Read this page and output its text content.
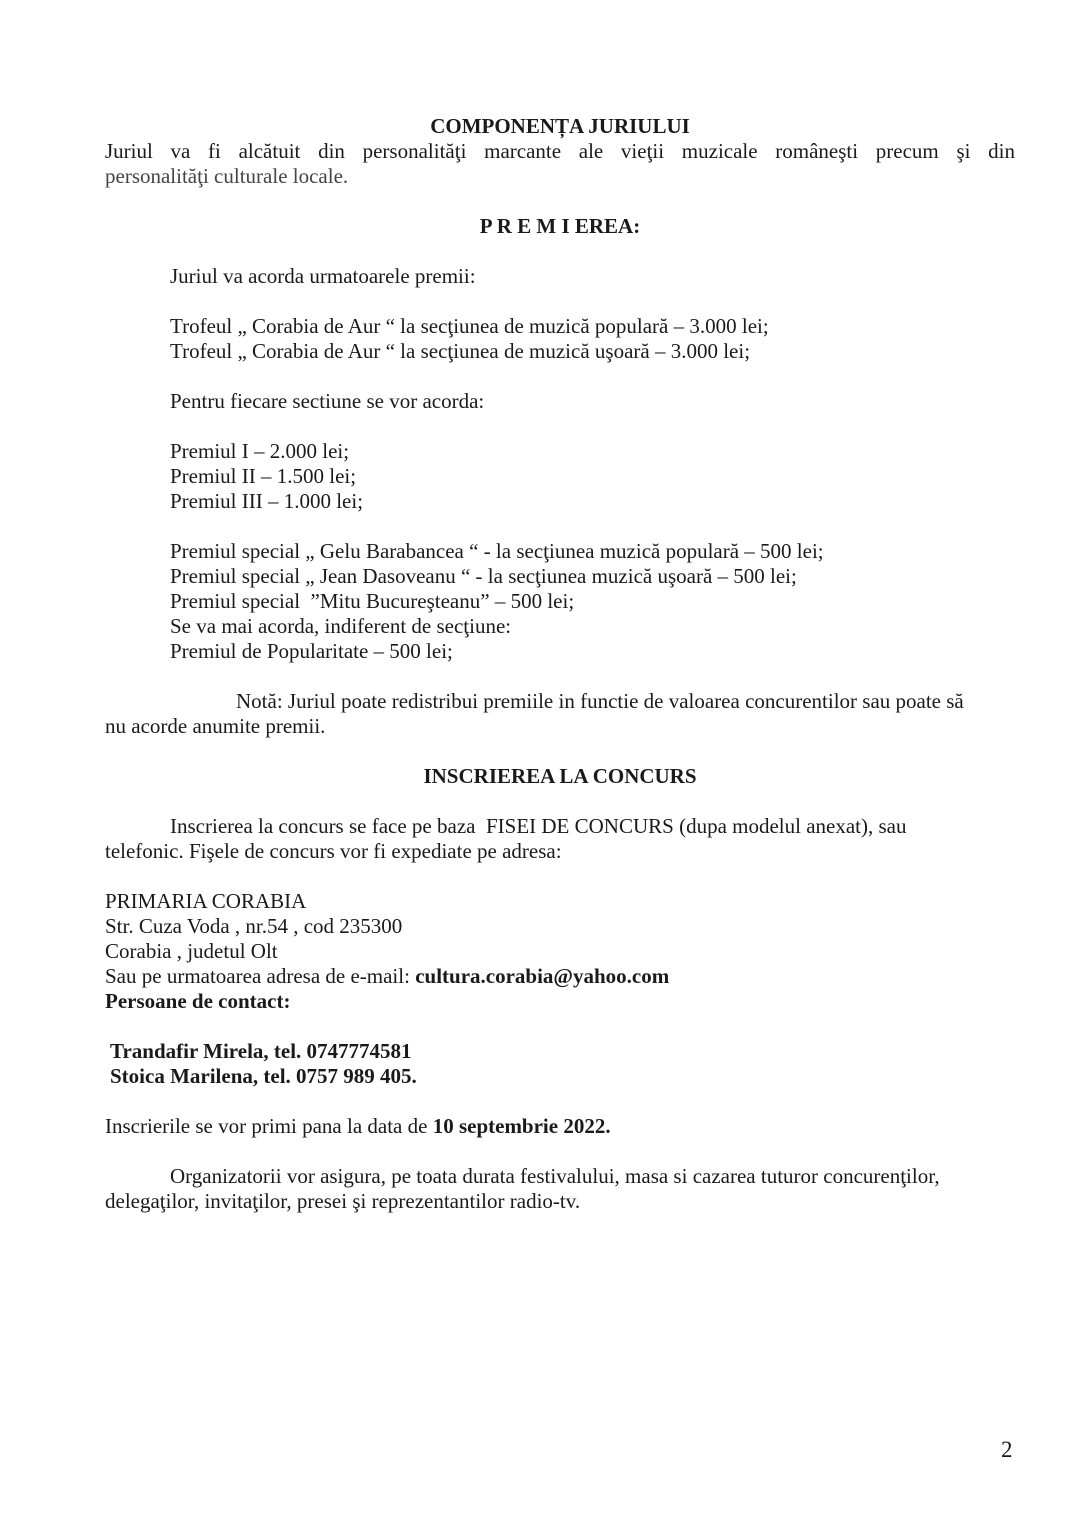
COMPONENȚA JURIULUI
Juriul va fi alcătuit din personalităţi marcante ale vieţii muzicale româneşti precum şi din
personalităţi culturale locale.
P R E M I EREA:
Juriul va acorda urmatoarele premii:
Trofeul „ Corabia de Aur “ la secţiunea de muzică populară – 3.000 lei;
Trofeul „ Corabia de Aur “ la secţiunea de muzică uşoară – 3.000 lei;
Pentru fiecare sectiune se vor acorda:
Premiul I – 2.000 lei;
Premiul II – 1.500 lei;
Premiul III – 1.000 lei;
Premiul special „ Gelu Barabancea “ - la secţiunea muzică populară – 500 lei;
Premiul special „ Jean Dasoveanu “ - la secţiunea muzică uşoară – 500 lei;
Premiul special  ”Mitu Bucureşteanu” – 500 lei;
Se va mai acorda, indiferent de secţiune:
Premiul de Popularitate – 500 lei;
Notă: Juriul poate redistribui premiile in functie de valoarea concurentilor sau poate să
nu acorde anumite premii.
INSCRIEREA LA CONCURS
Inscrierea la concurs se face pe baza  FISEI DE CONCURS (dupa modelul anexat), sau
telefonic. Fişele de concurs vor fi expediate pe adresa:
PRIMARIA CORABIA
Str. Cuza Voda , nr.54 , cod 235300
Corabia , judetul Olt
Sau pe urmatoarea adresa de e-mail: cultura.corabia@yahoo.com
Persoane de contact:
Trandafir Mirela, tel. 0747774581
Stoica Marilena, tel. 0757 989 405.
Inscrierile se vor primi pana la data de 10 septembrie 2022.
Organizatorii vor asigura, pe toata durata festivalului, masa si cazarea tuturor concurenţilor,
delegaţilor, invitaţilor, presei şi reprezentantilor radio-tv.
2
